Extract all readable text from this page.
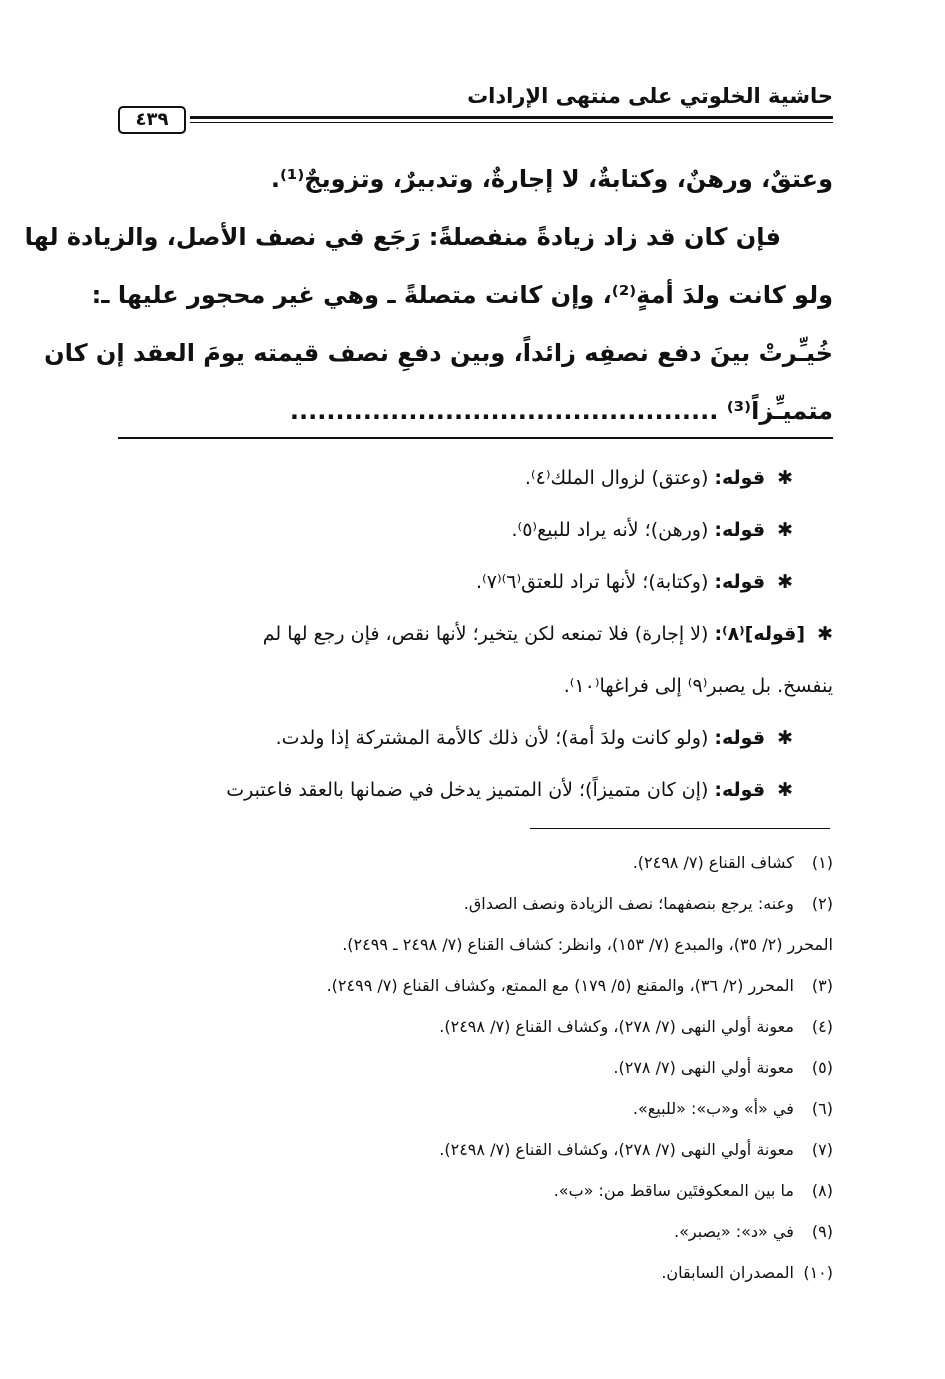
حاشية الخلوتي على منتهى الإرادات
٤٣٩
وعتقٌ، ورهنٌ، وكتابةٌ، لا إجارةٌ، وتدبيرٌ، وتزويجٌ⁽¹⁾.
فإن كان قد زاد زيادةً منفصلةً: رَجَع في نصف الأصل، والزيادة لها
ولو كانت ولدَ أمةٍ⁽²⁾، وإن كانت متصلةً ـ وهي غير محجور عليها ـ:
خُيـِّرتْ بينَ دفع نصفِه زائداً، وبين دفعِ نصف قيمته يومَ العقد إن كان
متميـِّزاً⁽³⁾ ...............................................
✱ قوله: (وعتق) لزوال الملك⁽٤⁾.
✱ قوله: (ورهن)؛ لأنه يراد للبيع⁽٥⁾.
✱ قوله: (وكتابة)؛ لأنها تراد للعتق⁽٦⁾⁽٧⁾.
✱ [قوله]⁽٨⁾: (لا إجارة) فلا تمنعه لكن يتخير؛ لأنها نقص، فإن رجع لها لم
ينفسخ. بل يصبر⁽٩⁾ إلى فراغها⁽١٠⁾.
✱ قوله: (ولو كانت ولدَ أمة)؛ لأن ذلك كالأمة المشتركة إذا ولدت.
✱ قوله: (إن كان متميزاً)؛ لأن المتميز يدخل في ضمانها بالعقد فاعتبرت
(١) كشاف القناع (٧/ ٢٤٩٨).
(٢) وعنه: يرجع بنصفهما؛ نصف الزيادة ونصف الصداق.
المحرر (٢/ ٣٥)، والمبدع (٧/ ١٥٣)، وانظر: كشاف القناع (٧/ ٢٤٩٨ ـ ٢٤٩٩).
(٣) المحرر (٢/ ٣٦)، والمقنع (٥/ ١٧٩) مع الممتع، وكشاف القناع (٧/ ٢٤٩٩).
(٤) معونة أولي النهى (٧/ ٢٧٨)، وكشاف القناع (٧/ ٢٤٩٨).
(٥) معونة أولي النهى (٧/ ٢٧٨).
(٦) في «أ» و«ب»: «للبيع».
(٧) معونة أولي النهى (٧/ ٢٧٨)، وكشاف القناع (٧/ ٢٤٩٨).
(٨) ما بين المعكوفتَين ساقط من: «ب».
(٩) في «د»: «يصبر».
(١٠) المصدران السابقان.
